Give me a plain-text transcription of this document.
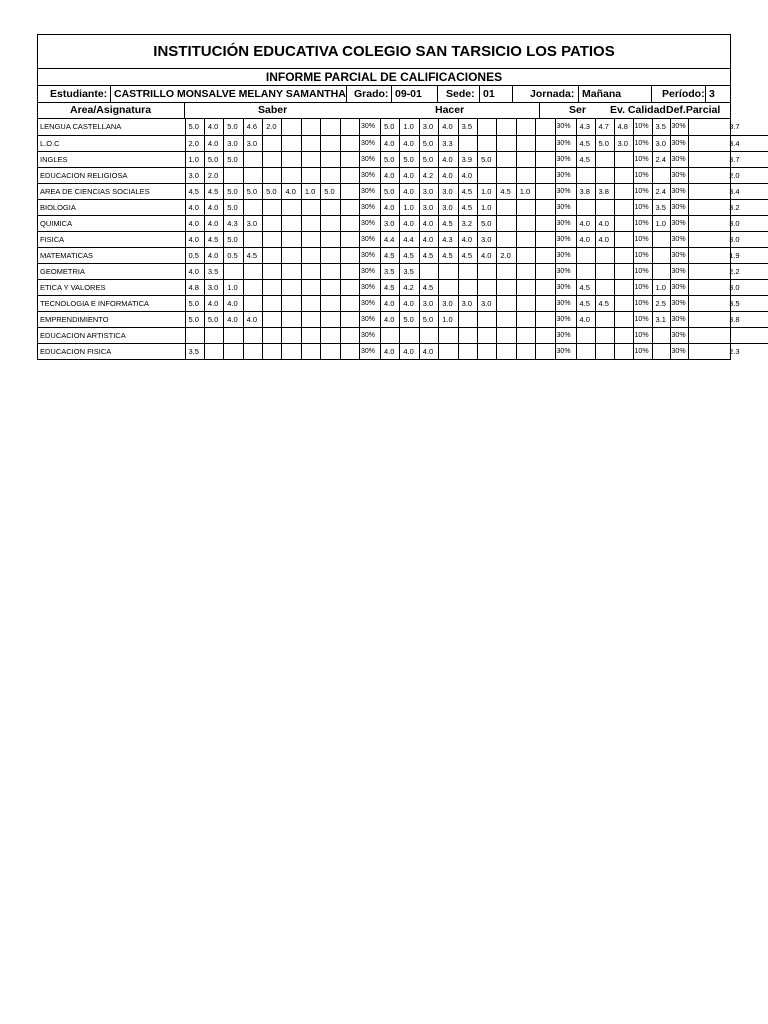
INSTITUCIÓN EDUCATIVA COLEGIO SAN TARSICIO LOS PATIOS
INFORME PARCIAL DE CALIFICACIONES
Estudiante: CASTRILLO MONSALVE MELANY SAMANTHA Grado: 09-01 Sede: 01	Jornada: Mañana	Período: 3
Area/Asignatura	Saber	Hacer	Ser Ev. Calidad Def.Parcial
LENGUA CASTELLANA	5.0	4.0	5.0	4.6	2.0					30%	5.0	1.0	3.0	4.0	3.5					30%	4.3	4.7	4.8	10%	3.5	30%	3.7
L.O.C	2.0	4.0	3.0	3.0						30%	4.0	4.0	5.0	3.3						30%	4.5	5.0	3.0	10%	3.0	30%	3.4
INGLES	1.0	5.0	5.0							30%	5.0	5.0	5.0	4.0	3.9	5.0				30%	4.5			10%	2.4	30%	3.7
EDUCACION RELIGIOSA	3.0	2.0								30%	4.0	4.0	4.2	4.0	4.0					30%				10%		30%	2.0
AREA DE CIENCIAS SOCIALES	4.5	4.5	5.0	5.0	5.0	4.0	1.0	5.0		30%	5.0	4.0	3.0	3.0	4.5	1.0	4.5	1.0		30%	3.8	3.8		10%	2.4	30%	3.4
BIOLOGIA	4.0	4.0	5.0							30%	4.0	1.0	3.0	3.0	4.5	1.0				30%				10%	3.5	30%	3.2
QUIMICA	4.0	4.0	4.3	3.0						30%	3.0	4.0	4.0	4.5	3.2	5.0				30%	4.0	4.0		10%	1.0	30%	3.0
FISICA	4.0	4.5	5.0							30%	4.4	4.4	4.0	4.3	4.0	3.0				30%	4.0	4.0		10%		30%	3.0
MATEMATICAS	0.5	4.0	0.5	4.5						30%	4.5	4.5	4.5	4.5	4.5	4.0	2.0			30%				10%		30%	1.9
GEOMETRIA	4.0	3.5								30%	3.5	3.5								30%				10%		30%	2.2
ETICA Y VALORES	4.8	3.0	1.0							30%	4.5	4.2	4.5							30%	4.5			10%	1.0	30%	3.0
TECNOLOGIA E INFORMATICA	5.0	4.0	4.0							30%	4.0	4.0	3.0	3.0	3.0	3.0				30%	4.5	4.5		10%	2.5	30%	3.5
EMPRENDIMIENTO	5.0	5.0	4.0	4.0						30%	4.0	5.0	5.0	1.0						30%	4.0			10%	3.1	30%	3.8
EDUCACION ARTISTICA										30%										30%				10%		30%	
EDUCACION FISICA	3.5									30%	4.0	4.0	4.0							30%				10%		30%	2.3
